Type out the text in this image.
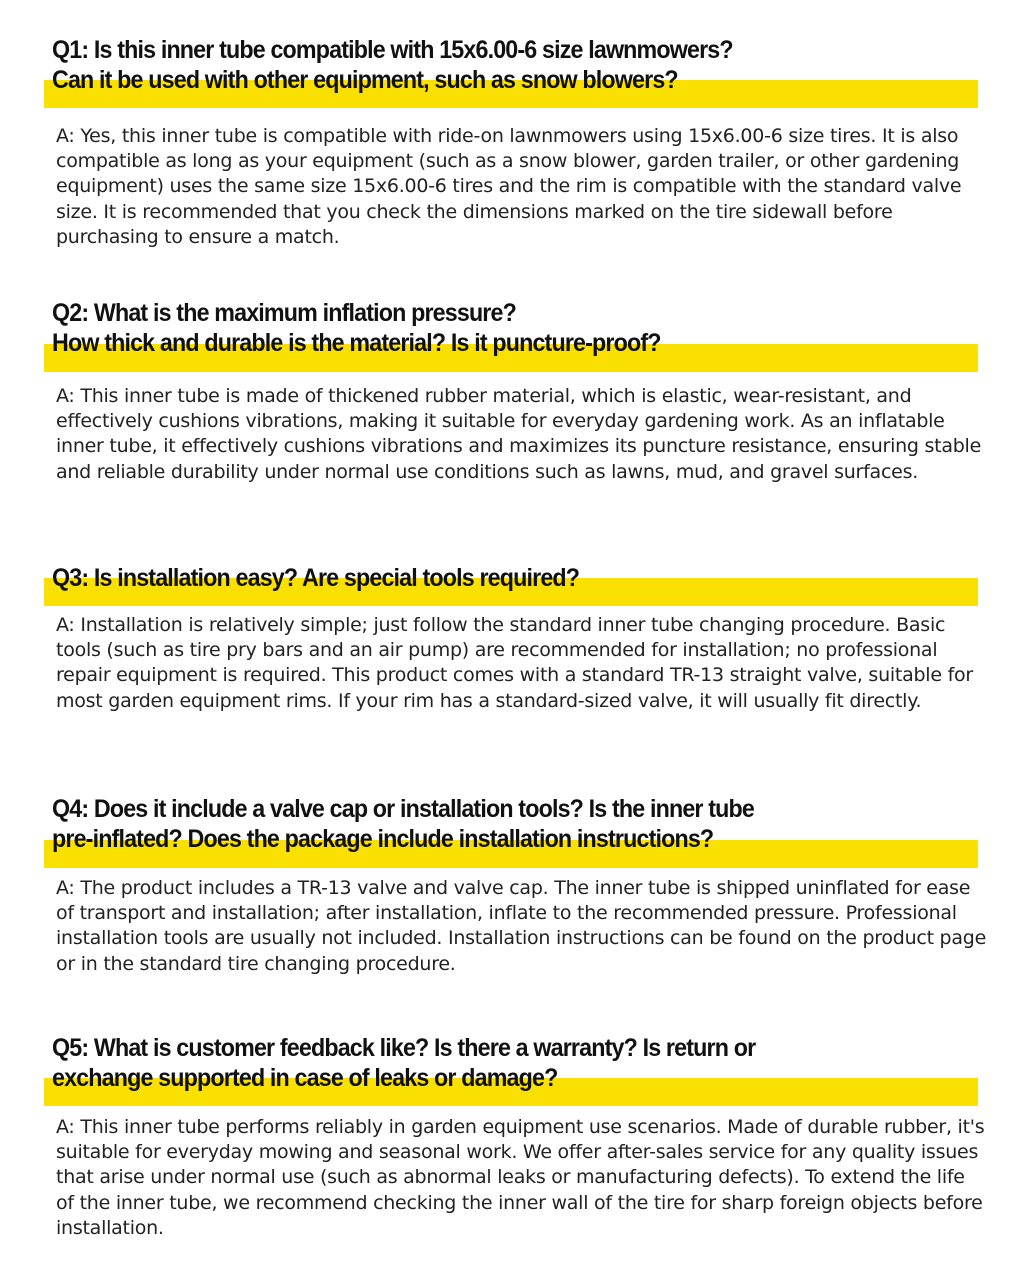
Q1: Is this inner tube compatible with 15x6.00-6 size lawnmowers?
Can it be used with other equipment, such as snow blowers?

A: Yes, this inner tube is compatible with ride-on lawnmowers using 15x6.00-6 size tires. It is also compatible as long as your equipment (such as a snow blower, garden trailer, or other gardening equipment) uses the same size 15x6.00-6 tires and the rim is compatible with the standard valve size. It is recommended that you check the dimensions marked on the tire sidewall before purchasing to ensure a match.

Q2: What is the maximum inflation pressure?
How thick and durable is the material? Is it puncture-proof?

A: This inner tube is made of thickened rubber material, which is elastic, wear-resistant, and effectively cushions vibrations, making it suitable for everyday gardening work. As an inflatable inner tube, it effectively cushions vibrations and maximizes its puncture resistance, ensuring stable and reliable durability under normal use conditions such as lawns, mud, and gravel surfaces.

Q3: Is installation easy? Are special tools required?

A: Installation is relatively simple; just follow the standard inner tube changing procedure. Basic tools (such as tire pry bars and an air pump) are recommended for installation; no professional repair equipment is required. This product comes with a standard TR-13 straight valve, suitable for most garden equipment rims. If your rim has a standard-sized valve, it will usually fit directly.

Q4: Does it include a valve cap or installation tools? Is the inner tube
pre-inflated? Does the package include installation instructions?

A: The product includes a TR-13 valve and valve cap. The inner tube is shipped uninflated for ease of transport and installation; after installation, inflate to the recommended pressure. Professional installation tools are usually not included. Installation instructions can be found on the product page or in the standard tire changing procedure.

Q5: What is customer feedback like? Is there a warranty? Is return or
exchange supported in case of leaks or damage?

A: This inner tube performs reliably in garden equipment use scenarios. Made of durable rubber, it's suitable for everyday mowing and seasonal work. We offer after-sales service for any quality issues that arise under normal use (such as abnormal leaks or manufacturing defects). To extend the life of the inner tube, we recommend checking the inner wall of the tire for sharp foreign objects before installation.
